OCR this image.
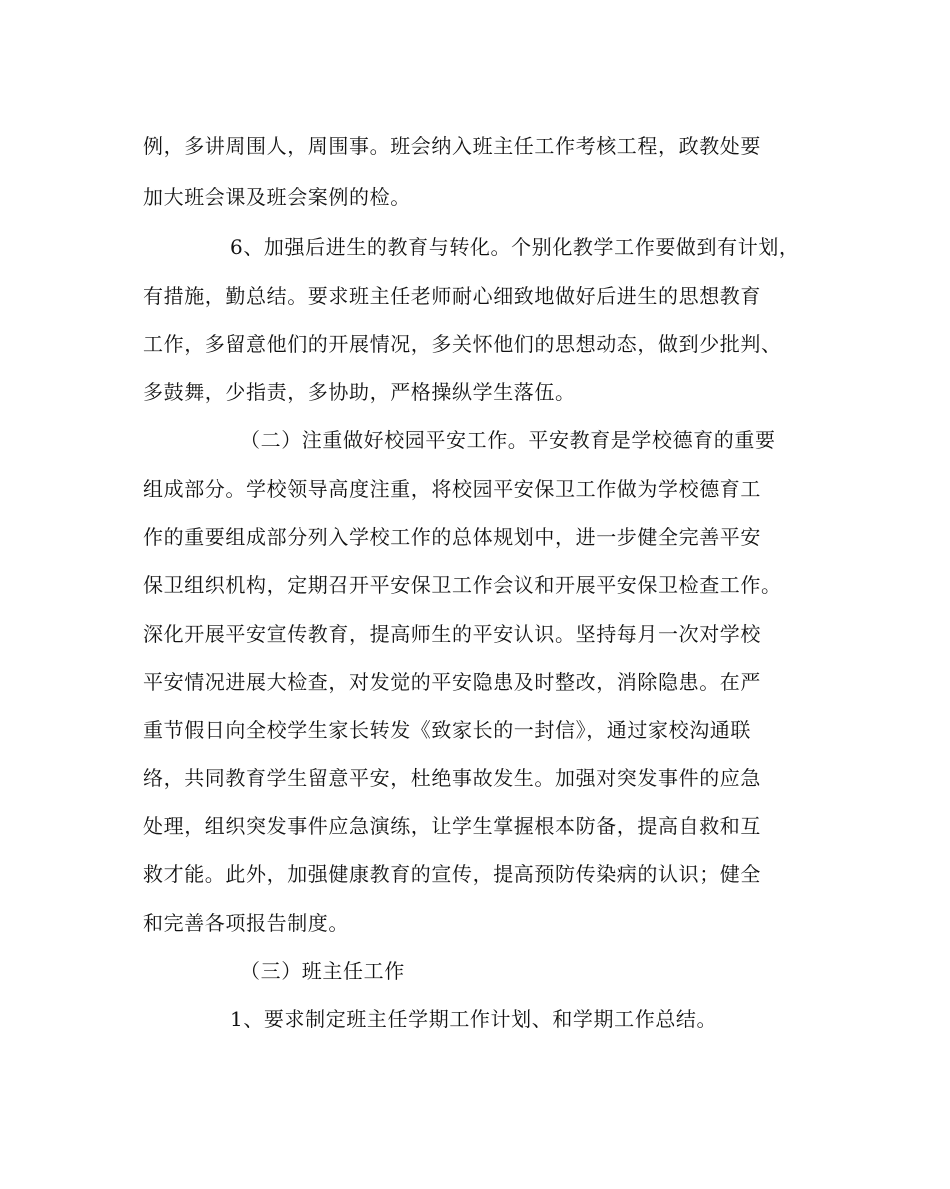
例，多讲周围人，周围事。班会纳入班主任工作考核工程，政教处要
加大班会课及班会案例的检。
6、加强后进生的教育与转化。个别化教学工作要做到有计划，
有措施，勤总结。要求班主任老师耐心细致地做好后进生的思想教育
工作，多留意他们的开展情况，多关怀他们的思想动态，做到少批判、
多鼓舞，少指责，多协助，严格操纵学生落伍。
（二）注重做好校园平安工作。平安教育是学校德育的重要
组成部分。学校领导高度注重，将校园平安保卫工作做为学校德育工
作的重要组成部分列入学校工作的总体规划中，进一步健全完善平安
保卫组织机构，定期召开平安保卫工作会议和开展平安保卫检查工作。
深化开展平安宣传教育，提高师生的平安认识。坚持每月一次对学校
平安情况进展大检查，对发觉的平安隐患及时整改，消除隐患。在严
重节假日向全校学生家长转发《致家长的一封信》，通过家校沟通联
络，共同教育学生留意平安，杜绝事故发生。加强对突发事件的应急
处理，组织突发事件应急演练，让学生掌握根本防备，提高自救和互
救才能。此外，加强健康教育的宣传，提高预防传染病的认识；健全
和完善各项报告制度。
（三）班主任工作
1、要求制定班主任学期工作计划、和学期工作总结。
